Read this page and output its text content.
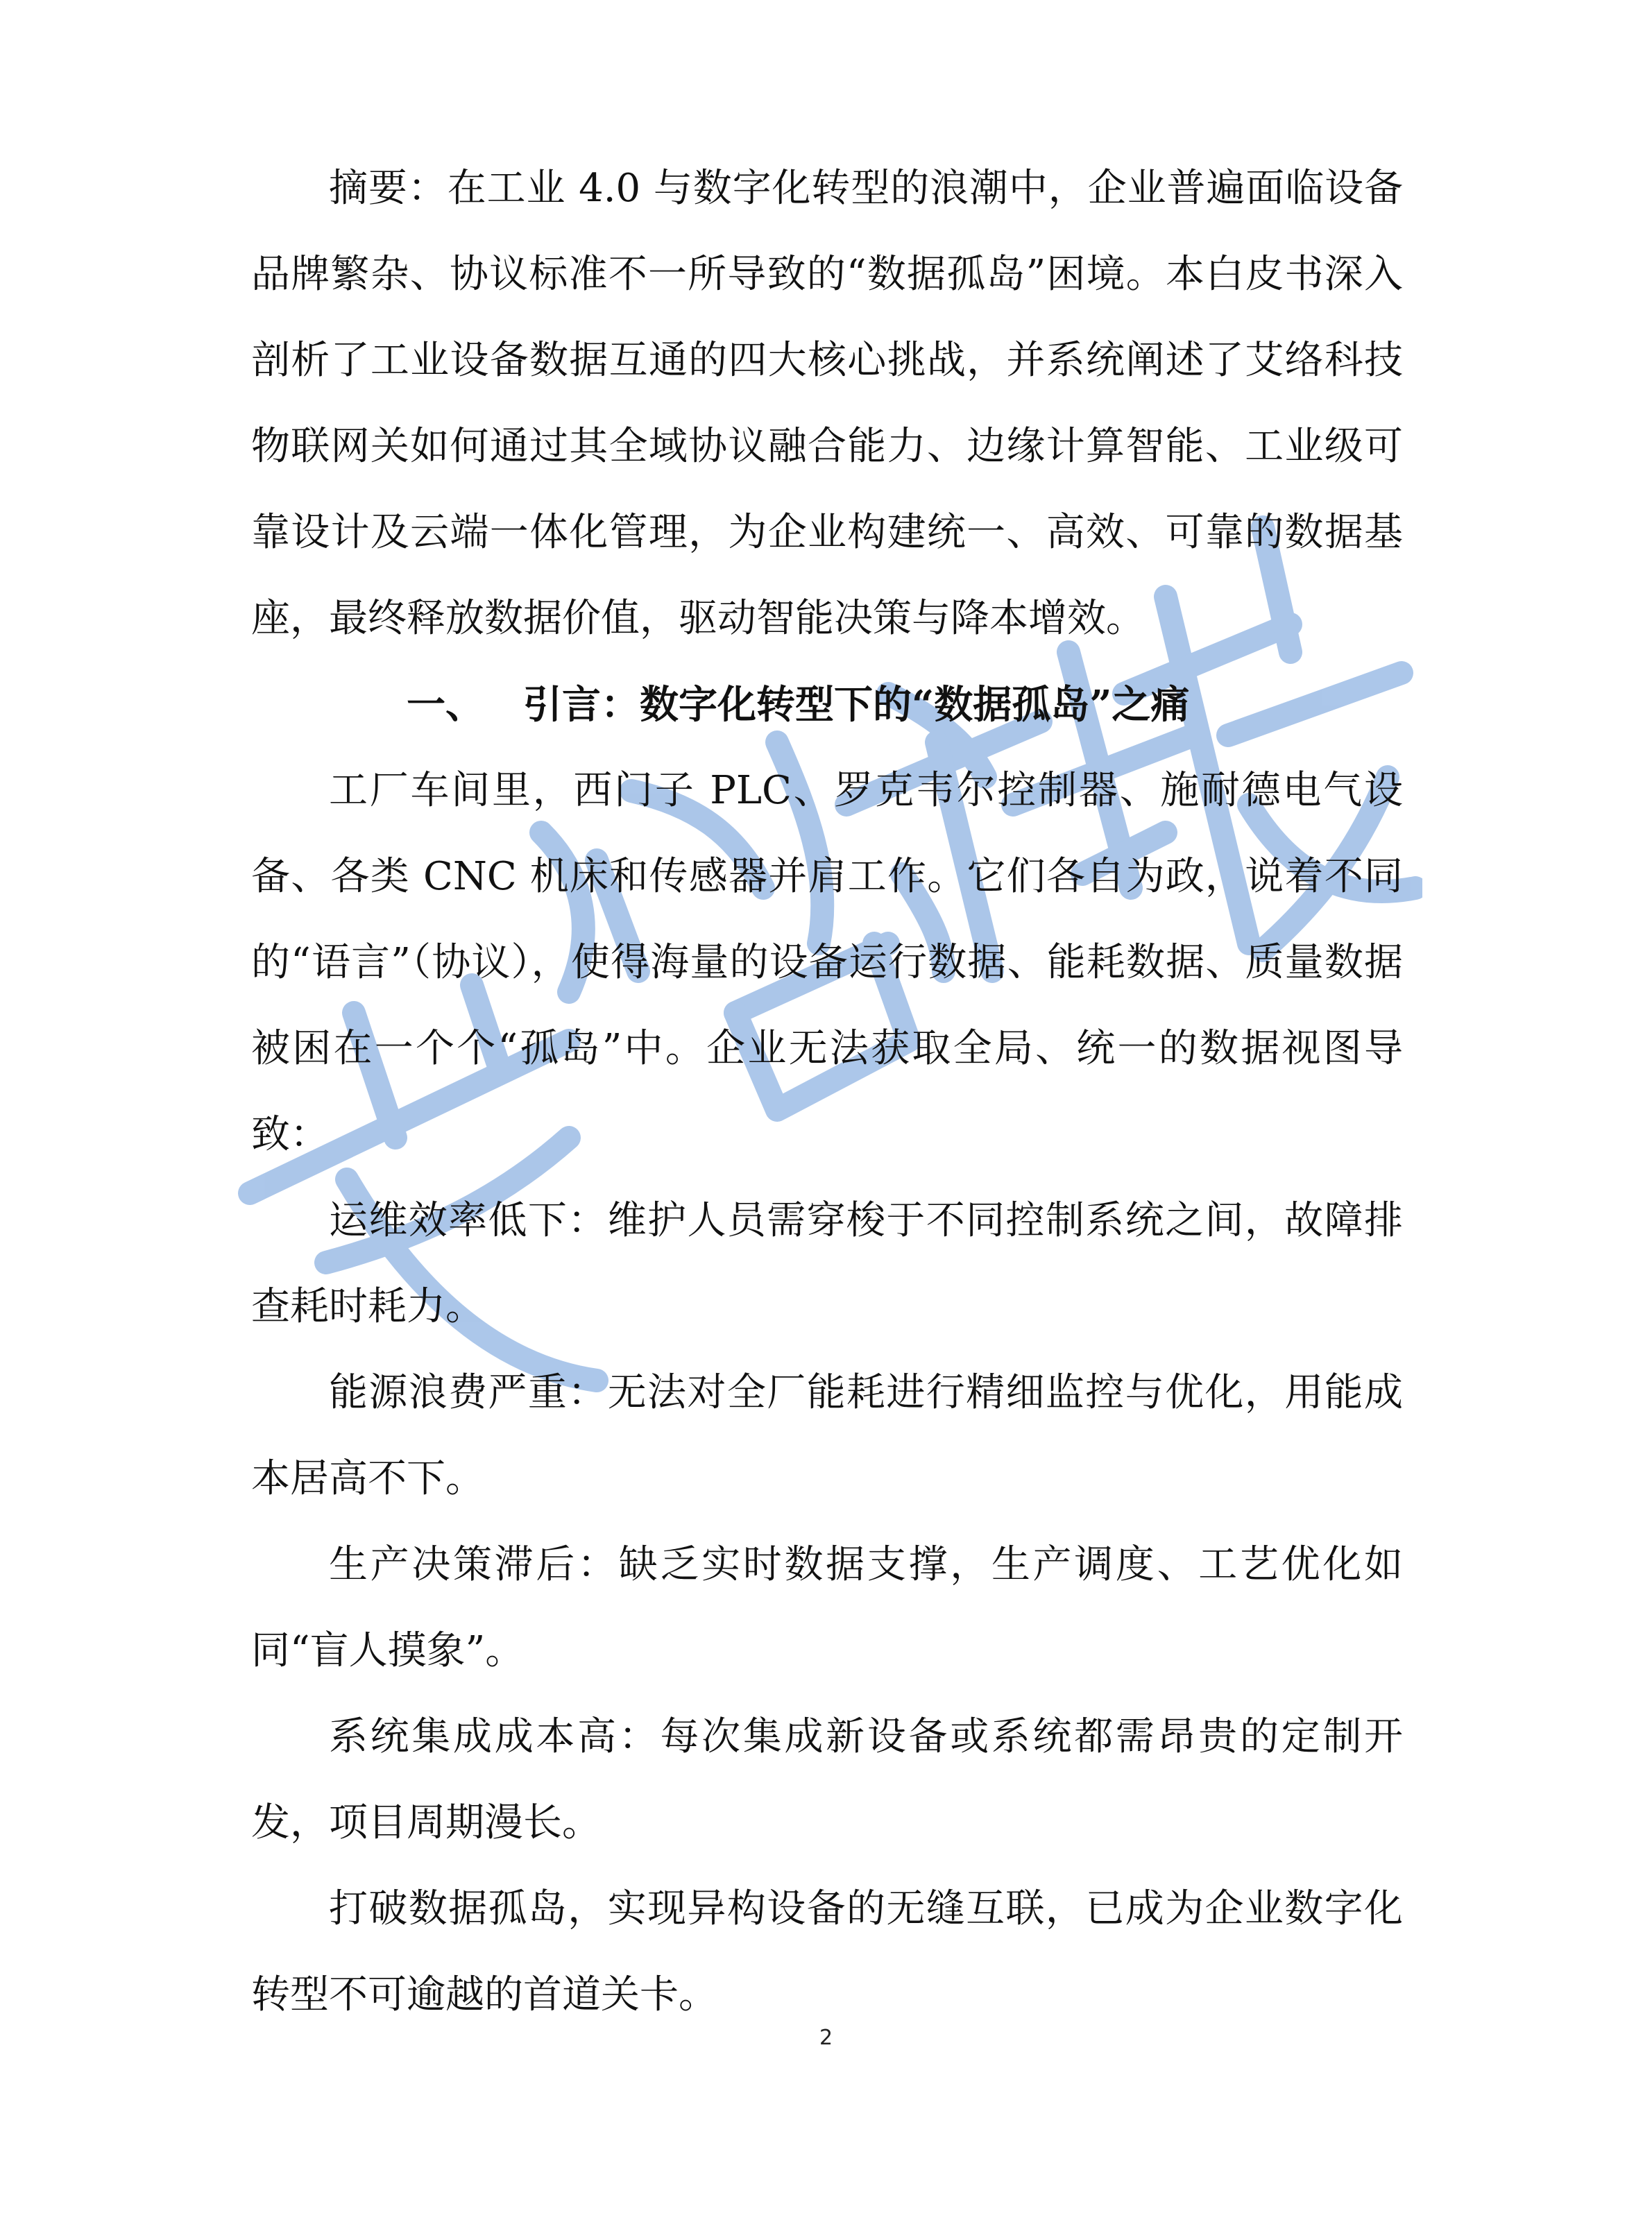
摘要：在工业 4.0 与数字化转型的浪潮中，企业普遍面临设备品牌繁杂、协议标准不一所导致的“数据孤岛”困境。本白皮书深入剖析了工业设备数据互通的四大核心挑战，并系统阐述了艾络科技物联网关如何通过其全域协议融合能力、边缘计算智能、工业级可靠设计及云端一体化管理，为企业构建统一、高效、可靠的数据基座，最终释放数据价值，驱动智能决策与降本增效。

一、 引言：数字化转型下的“数据孤岛”之痛

工厂车间里，西门子 PLC、罗克韦尔控制器、施耐德电气设备、各类 CNC 机床和传感器并肩工作。它们各自为政，说着不同的“语言”（协议），使得海量的设备运行数据、能耗数据、质量数据被困在一个个“孤岛”中。企业无法获取全局、统一的数据视图导致：

运维效率低下：维护人员需穿梭于不同控制系统之间，故障排查耗时耗力。

能源浪费严重：无法对全厂能耗进行精细监控与优化，用能成本居高不下。

生产决策滞后：缺乏实时数据支撑，生产调度、工艺优化如同“盲人摸象”。

系统集成成本高：每次集成新设备或系统都需昂贵的定制开发，项目周期漫长。

打破数据孤岛，实现异构设备的无缝互联，已成为企业数字化转型不可逾越的首道关卡。

2
